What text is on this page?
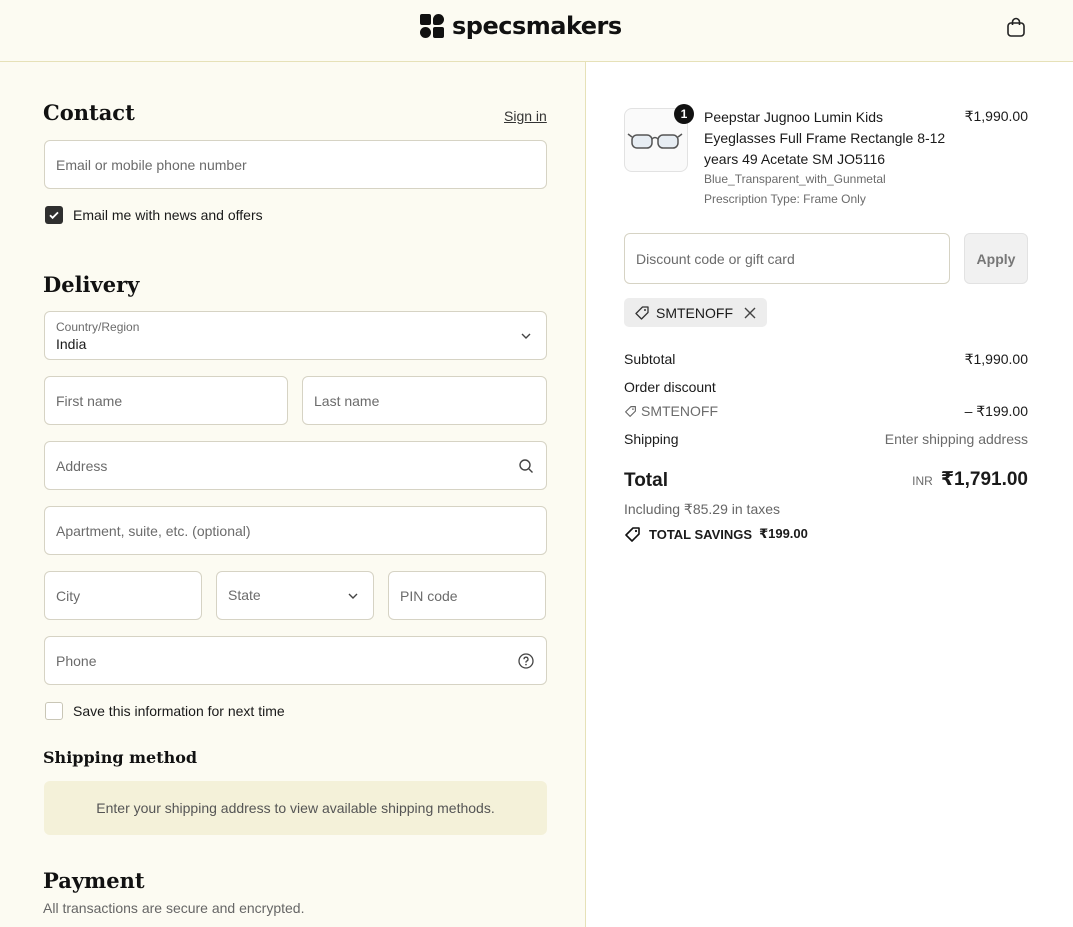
specsmakers
Contact	Sign in
Email or mobile phone number
Email me with news and offers
Delivery
Country/Region
India
First name	Last name
Address
Apartment, suite, etc. (optional)
City	State	PIN code
Phone
Save this information for next time
Shipping method
Enter your shipping address to view available shipping methods.
Payment
All transactions are secure and encrypted.
1	Peepstar Jugnoo Lumin Kids Eyeglasses Full Frame Rectangle 8-12 years 49 Acetate SM JO5116
Blue_Transparent_with_Gunmetal
Prescription Type: Frame Only
₹1,990.00
Discount code or gift card	Apply
SMTENOFF
Subtotal	₹1,990.00
Order discount
SMTENOFF	– ₹199.00
Shipping	Enter shipping address
Total	INR ₹1,791.00
Including ₹85.29 in taxes
TOTAL SAVINGS ₹199.00
